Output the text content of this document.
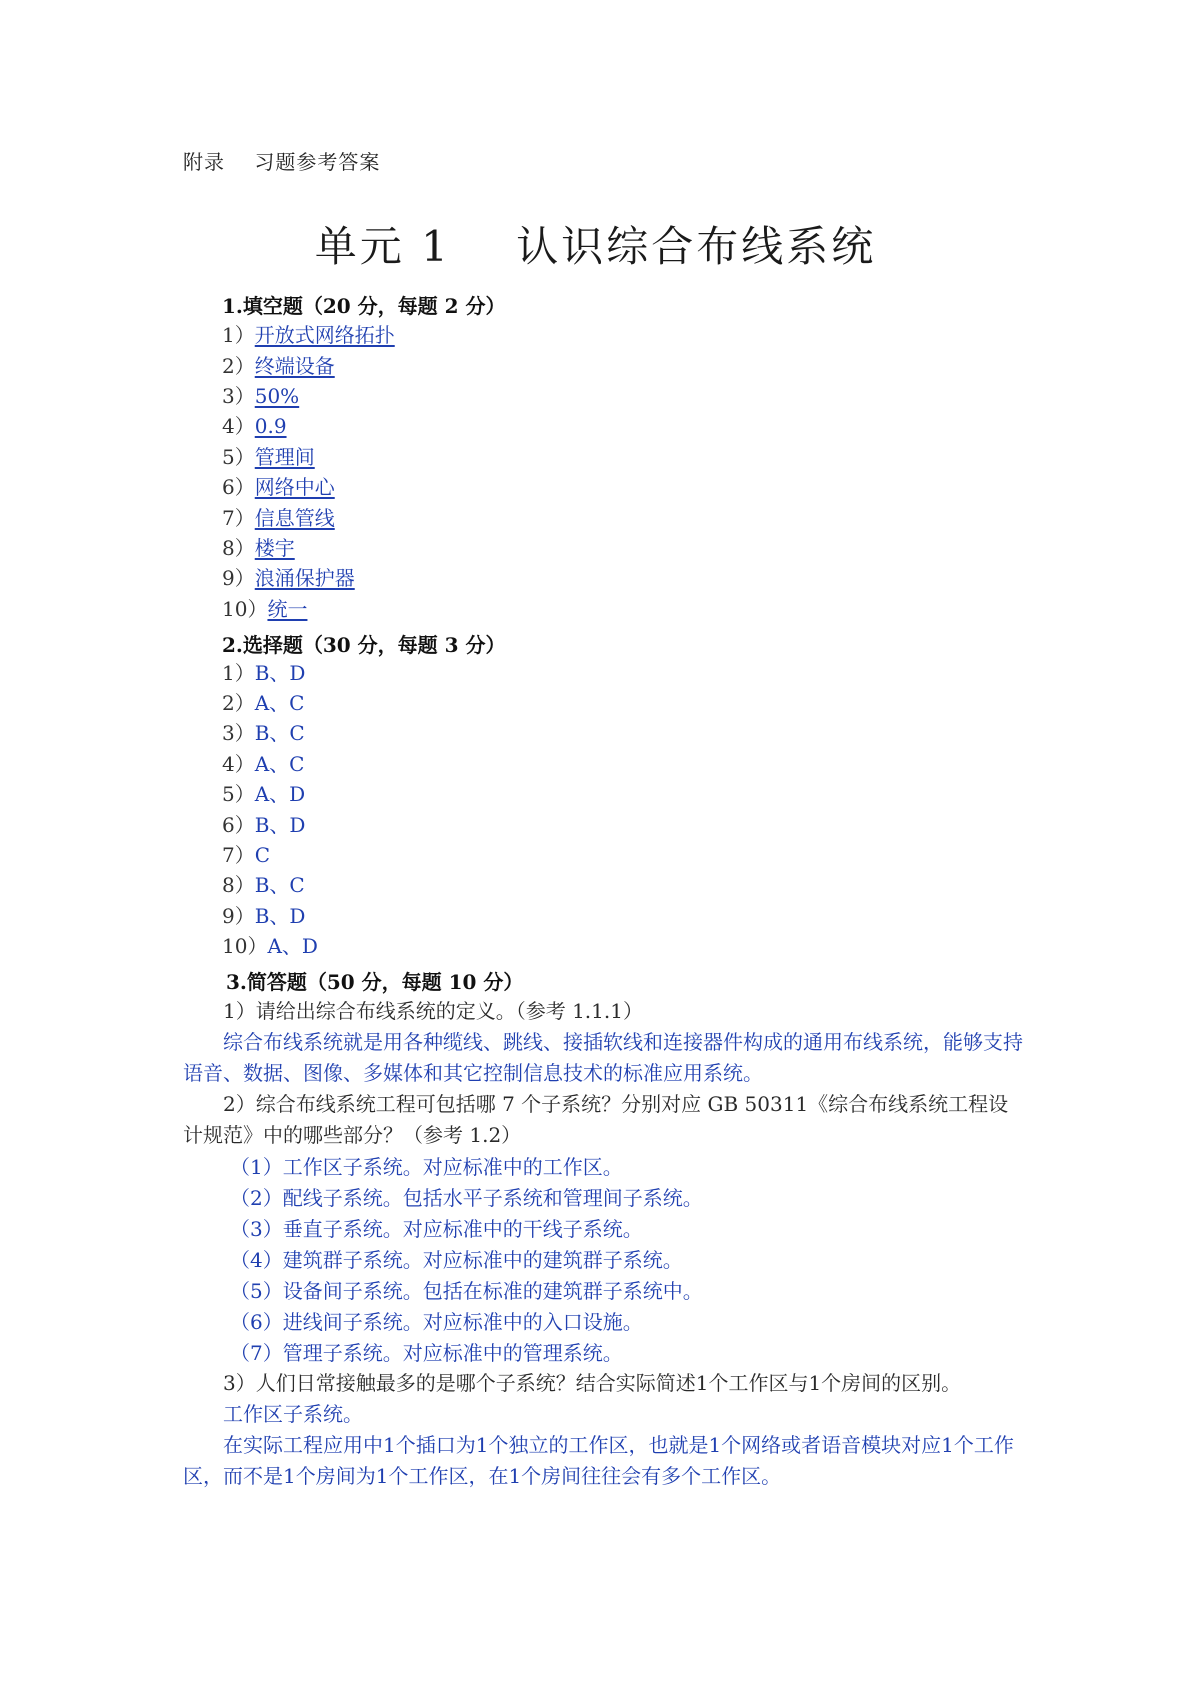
附录    习题参考答案
单元 1    认识综合布线系统
1.填空题（20 分，每题 2 分）
1）开放式网络拓扑
2）终端设备
3）50%
4）0.9
5）管理间
6）网络中心
7）信息管线
8）楼宇
9）浪涌保护器
10）统一
2.选择题（30 分，每题 3 分）
1）B、D
2）A、C
3）B、C
4）A、C
5）A、D
6）B、D
7）C
8）B、C
9）B、D
10）A、D
3.简答题（50 分，每题 10 分）

1）请给出综合布线系统的定义。（参考 1.1.1）

综合布线系统就是用各种缆线、跳线、接插软线和连接器件构成的通用布线系统，能够支持语音、数据、图像、多媒体和其它控制信息技术的标准应用系统。

2）综合布线系统工程可包括哪 7 个子系统？分别对应 GB 50311《综合布线系统工程设计规范》中的哪些部分？（参考 1.2）

（1）工作区子系统。对应标准中的工作区。
（2）配线子系统。包括水平子系统和管理间子系统。
（3）垂直子系统。对应标准中的干线子系统。
（4）建筑群子系统。对应标准中的建筑群子系统。
（5）设备间子系统。包括在标准的建筑群子系统中。
（6）进线间子系统。对应标准中的入口设施。
（7）管理子系统。对应标准中的管理系统。

3）人们日常接触最多的是哪个子系统？结合实际简述1个工作区与1个房间的区别。

工作区子系统。

在实际工程应用中1个插口为1个独立的工作区，也就是1个网络或者语音模块对应1个工作区，而不是1个房间为1个工作区，在1个房间往往会有多个工作区。
